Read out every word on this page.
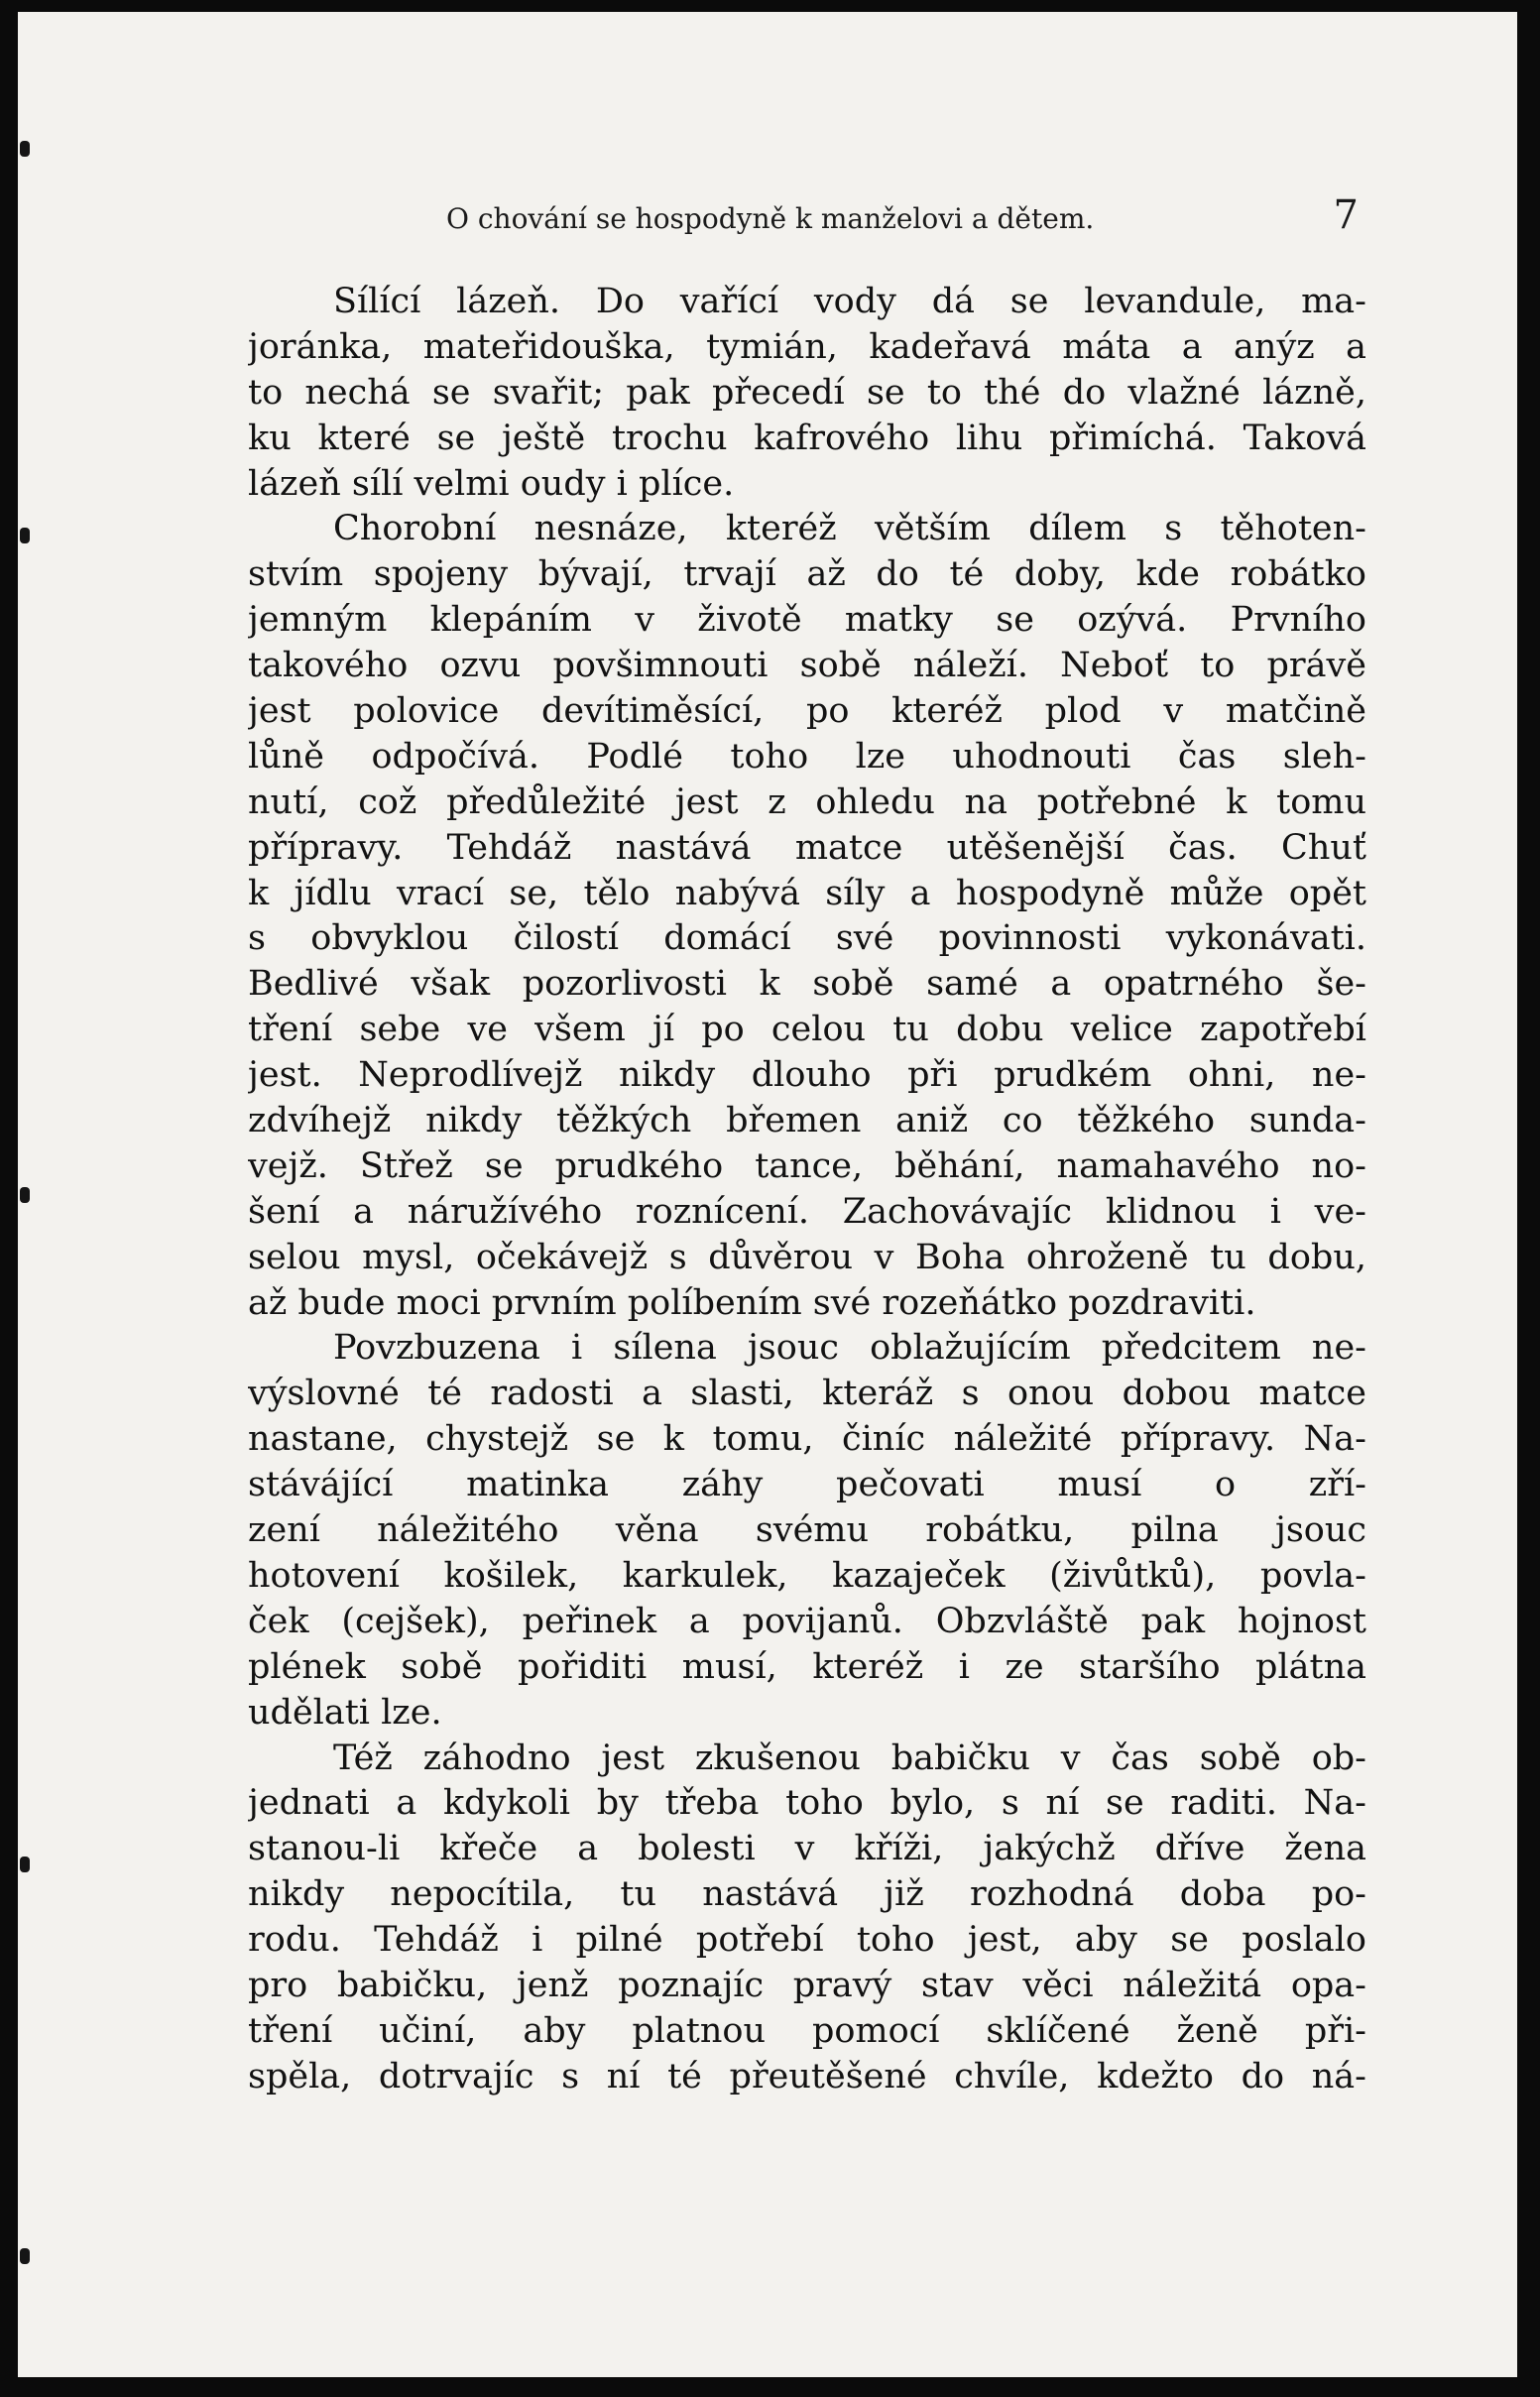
O chování se hospodyně k manželovi a dětem.	7
Sílící lázeň. Do vařící vody dá se levandule, ma-
joránka, mateřidouška, tymián, kadeřavá máta a anýz a
to nechá se svařit; pak přecedí se to thé do vlažné lázně,
ku které se ještě trochu kafrového lihu přimíchá. Taková
lázeň sílí velmi oudy i plíce.
Chorobní nesnáze, kteréž větším dílem s těhoten-
stvím spojeny bývají, trvají až do té doby, kde robátko
jemným klepáním v životě matky se ozývá. Prvního
takového ozvu povšimnouti sobě náleží. Neboť to právě
jest polovice devítiměsící, po kteréž plod v matčině
lůně odpočívá. Podlé toho lze uhodnouti čas sleh-
nutí, což předůležité jest z ohledu na potřebné k tomu
přípravy. Tehdáž nastává matce utěšenější čas. Chuť
k jídlu vrací se, tělo nabývá síly a hospodyně může opět
s obvyklou čilostí domácí své povinnosti vykonávati.
Bedlivé však pozorlivosti k sobě samé a opatrného še-
tření sebe ve všem jí po celou tu dobu velice zapotřebí
jest. Neprodlívejž nikdy dlouho při prudkém ohni, ne-
zdvíhejž nikdy těžkých břemen aniž co těžkého sunda-
vejž. Střež se prudkého tance, běhání, namahavého no-
šení a náružívého roznícení. Zachovávajíc klidnou i ve-
selou mysl, očekávejž s důvěrou v Boha ohroženě tu dobu,
až bude moci prvním políbením své rozeňátko pozdraviti.
Povzbuzena i sílena jsouc oblažujícím předcitem ne-
výslovné té radosti a slasti, kteráž s onou dobou matce
nastane, chystejž se k tomu, činíc náležité přípravy. Na-
stávájící matinka záhy pečovati musí o zří-
zení náležitého věna svému robátku, pilna jsouc
hotovení košilek, karkulek, kazaječek (živůtků), povla-
ček (cejšek), peřinek a povijanů. Obzvláště pak hojnost
plének sobě pořiditi musí, kteréž i ze staršího plátna
udělati lze.
Též záhodno jest zkušenou babičku v čas sobě ob-
jednati a kdykoli by třeba toho bylo, s ní se raditi. Na-
stanou-li křeče a bolesti v kříži, jakýchž dříve žena
nikdy nepocítila, tu nastává již rozhodná doba po-
rodu. Tehdáž i pilné potřebí toho jest, aby se poslalo
pro babičku, jenž poznajíc pravý stav věci náležitá opa-
tření učiní, aby platnou pomocí sklíčené ženě při-
spěla, dotrvajíc s ní té přeutěšené chvíle, kdežto do ná-
